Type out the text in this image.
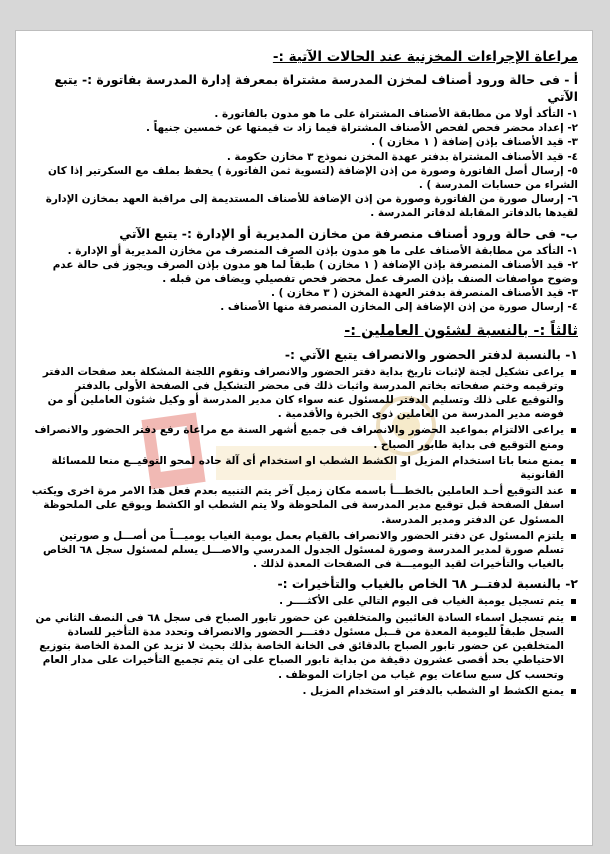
مراعاة الإجراءات المخزنية عند الحالات الآتية :-
أ - فى حالة ورود أصناف لمخزن المدرسة مشتراة بمعرفة إدارة المدرسة بفاتورة :- يتبع الآتي

١- التأكد أولا من مطابقة الأصناف المشتراة على ما هو مدون بالفاتورة .

٢- إعداد محضر فحص لفحص الأصناف المشتراة فيما زاد ت قيمتها عن خمسين جنيهاً .

٣- قيد الأصناف بإذن إضافة ( ١ مخازن ) .

٤- قيد الأصناف المشتراة بدفتر عهدة المخزن نموذج ٣ مخازن حكومة .

٥- إرسال أصل الفاتورة وصورة من إذن الإضافة (لتسوية ثمن الفاتورة ) يحفظ بملف مع السكرتير إذا كان الشراء من حسابات المدرسة ) .

٦- إرسال صورة من الفاتورة وصورة من إذن الإضافة للأصناف المستديمة إلى مراقبة العهد بمخازن الإدارة لقيدها بالدفاتر المقابلة لدفاتر المدرسة .

ب- فى حالة ورود أصناف منصرفة من مخازن المديرية أو الإدارة :- يتبع الآتي

١- التأكد من مطابقة الأصناف على ما هو مدون بإذن الصرف المنصرف من مخازن المديرية أو الإدارة .

٢- قيد الأصناف المنصرفة بإذن الإضافة ( ١ مخازن ) طبقاً لما هو مدون بإذن الصرف ويجوز فى حالة عدم وضوح مواصفات الصنف بإذن الصرف عمل محضر فحص تفصيلي ويضاف من قبله .

٣- قيد الأصناف المنصرفة بدفتر العهدة المخزن ( ٣ مخازن ) .

٤- إرسال صورة من إذن الإضافة إلى المخازن المنصرفة منها الأصناف .

ثالثاً :- بالنسبة لشئون العاملين :-
١- بالنسبة لدفتر الحضور والانصراف يتبع الآتي :-

يراعى تشكيل لجنة لإثبات تاريخ بداية دفتر الحضور والانصراف وتقوم اللجنة المشكلة بعد صفحات الدفتر وترقيمه وختم صفحاته بخاتم المدرسة واثبات ذلك فى محضر التشكيل فى الصفحة الأولى بالدفتر والتوقيع على ذلك وتسليم الدفتر للمسئول عنه سواء كان مدير المدرسة أو وكيل شئون العاملين أو من فوضه مدير المدرسة من العاملين ذوى الخبرة والأقدمية .

يراعى الالتزام بمواعيد الحضور والانصراف فى جميع أشهر السنة مع مراعاة رفع دفتر الحضور والانصراف ومنع التوقيع فى بداية طابور الصباح .

يمنع منعا باتا استخدام المزيل او الكشط الشطب او استخدام أى آلة حاده لمحو التوقيــع منعا للمسائلة القانونية

عند التوقيع أحـد العاملين بالخطـــأ باسمه مكان زميل آخر يتم التنبيه بعدم فعل هذا الامر مرة اخرى ويكتب اسفل الصفحة قبل توقيع مدير المدرسة فى الملحوظة ولا يتم الشطب او الكشط ويوقع على الملحوظة المسئول عن الدفتر ومدير المدرسة.

يلتزم المسئول عن دفتر الحضور والانصراف بالقيام بعمل يومية الغياب يوميـــاً من أصـــل و صورتين تسلم صورة لمدير المدرسة وصورة لمسئول الجدول المدرسي والاصـــل يسلم لمسئول سجل ٦٨ الخاص بالغياب والتأخيرات لقيد اليوميـــة فى الصفحات المعدة لذلك .

٢- بالنسبة لدفتــر ٦٨ الخاص بالغياب والتأخيرات :-

يتم تسجيل يومية الغياب فى اليوم التالي على الأكثــــر .

يتم تسجيل اسماء السادة الغائبين والمتخلفين عن حضور تابور الصباح فى سجل ٦٨ فى النصف الثاني من السجل طبقاً لليومية المعدة من قــبل مسئول دفتـــر الحضور والانصراف وتحدد مدة التأخير للسادة المتخلفين عن حضور تابور الصباح بالدقائق فى الخانة الخاصة بذلك بحيث لا تزيد عن المدة الخاصة بتوزيع الاحتياطي بحد أقصى عشرون دقيقة من بداية تابور الصباح على ان يتم تجميع التأخيرات على مدار العام وتحسب كل سبع ساعات يوم غياب من اجازات الموظف .

يمنع الكشط او الشطب بالدفتر او استخدام المزيل .
